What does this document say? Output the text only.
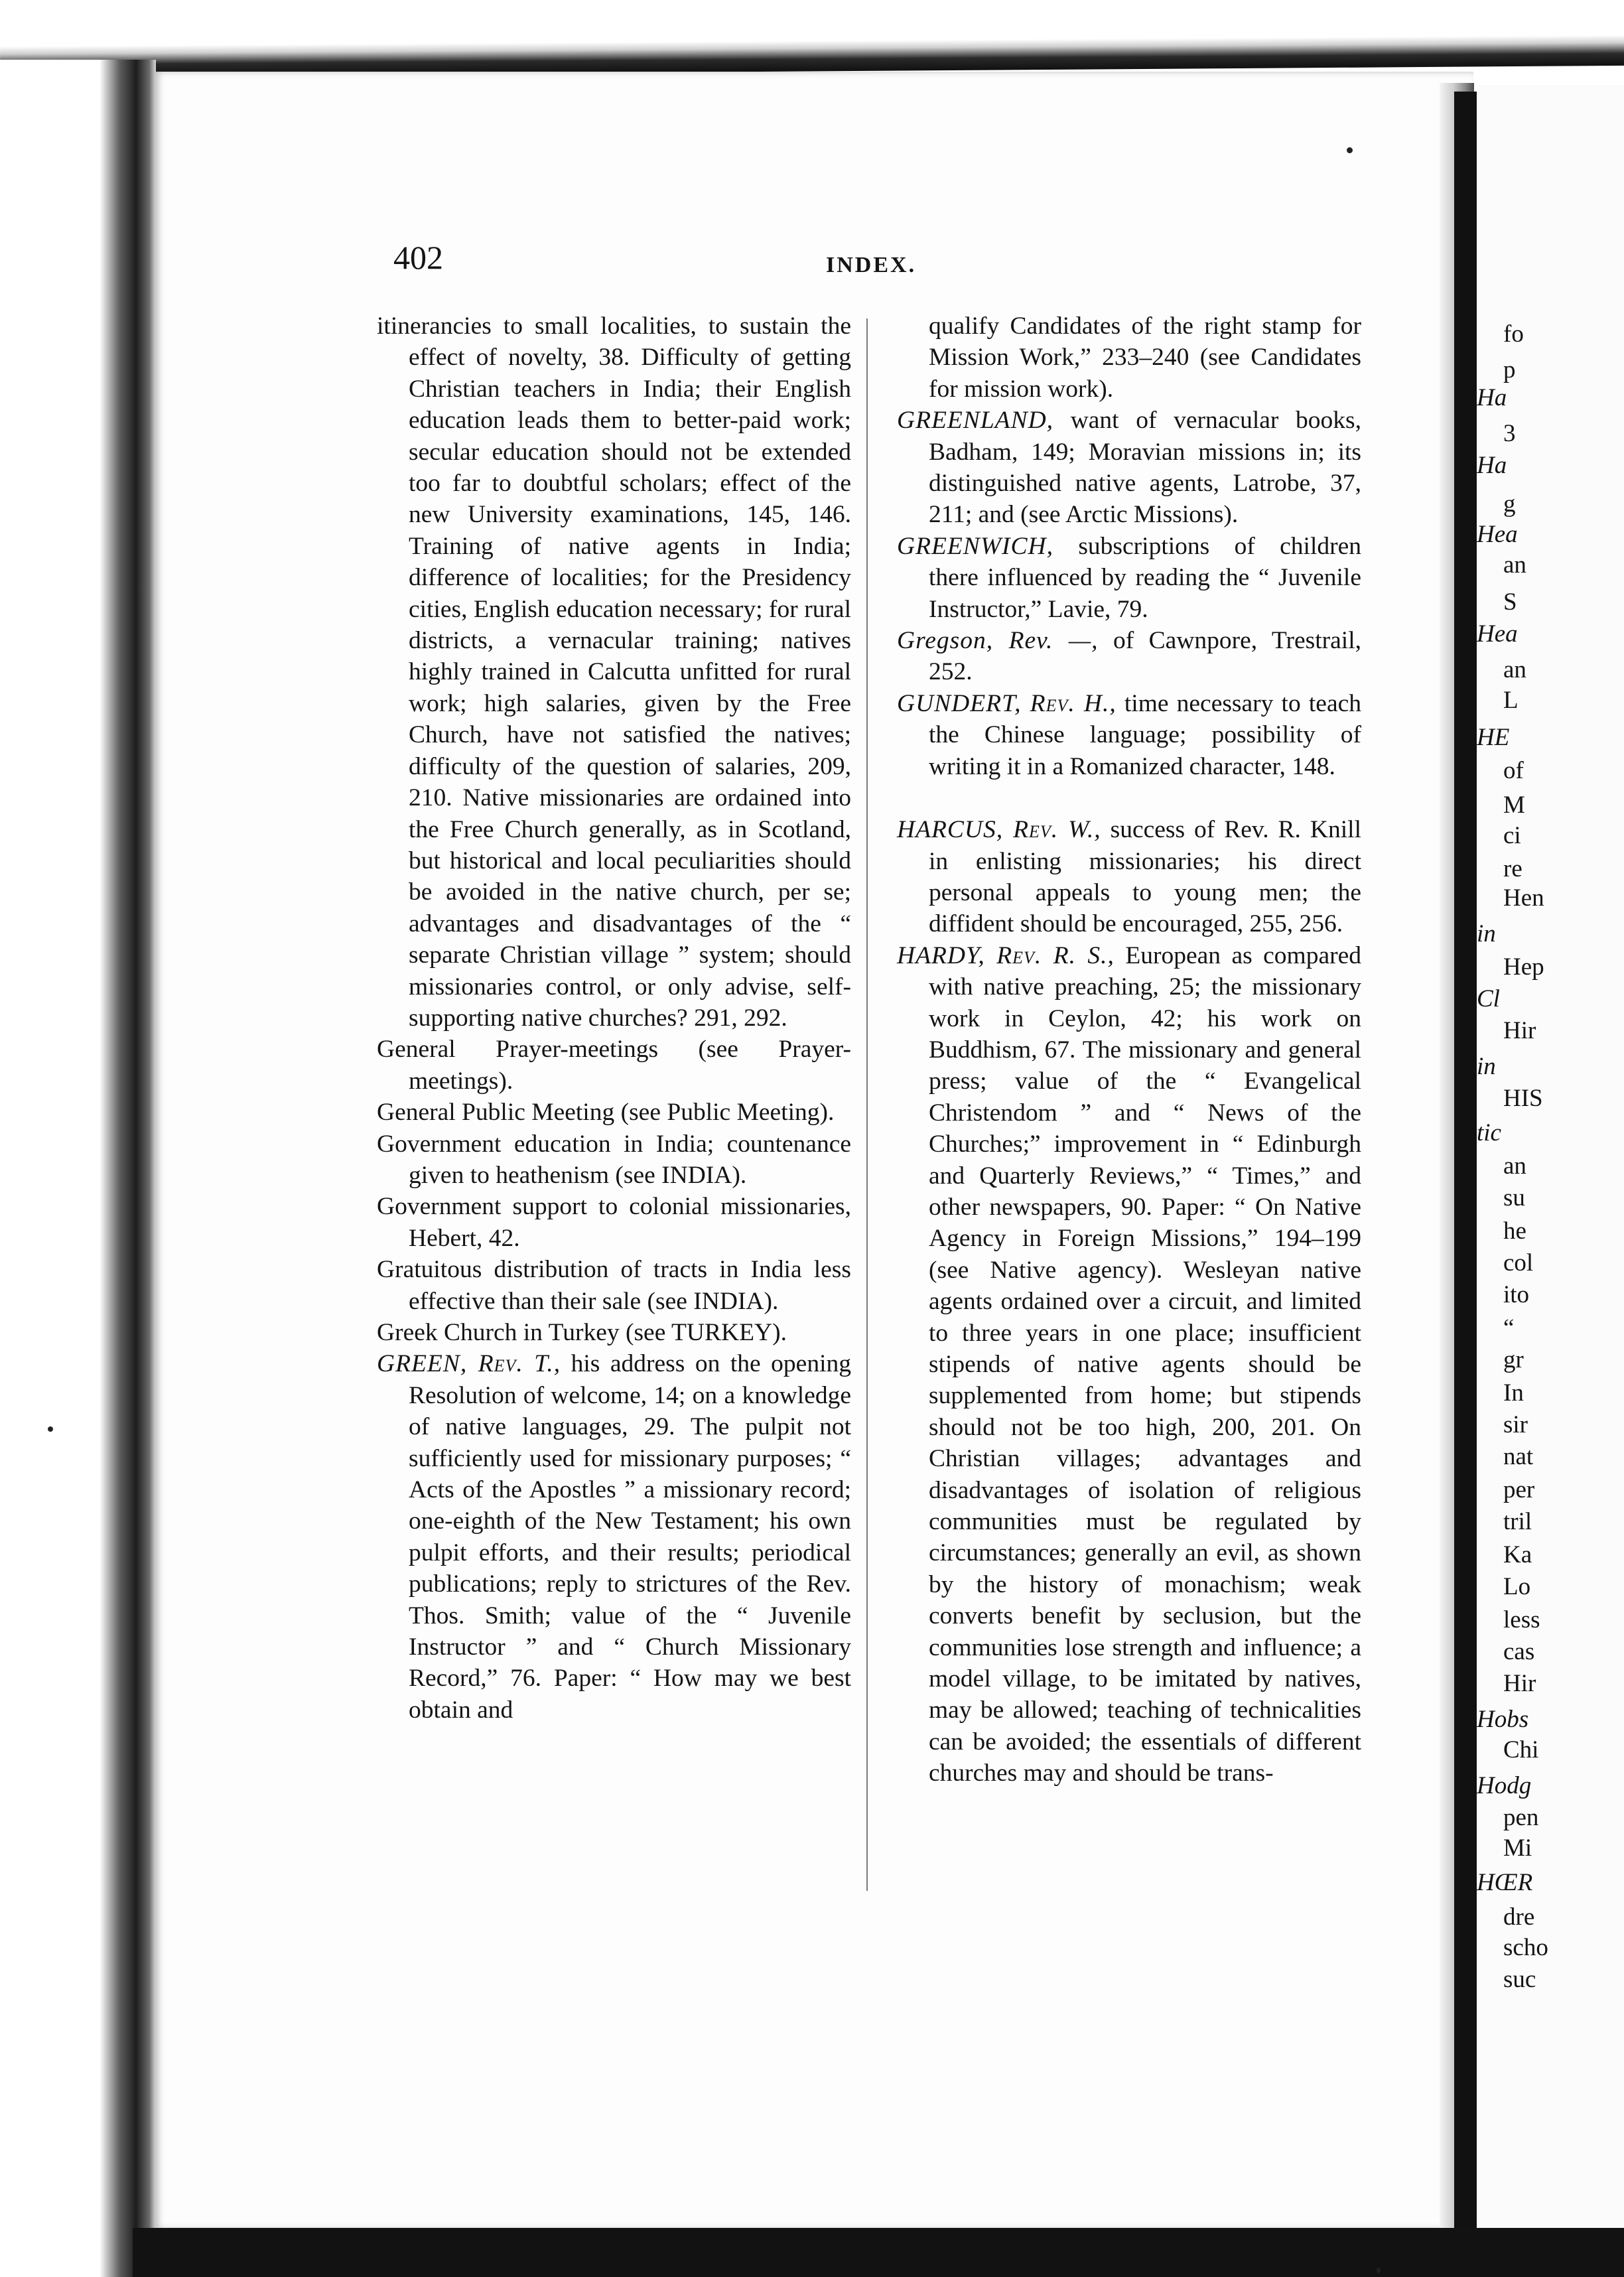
fo
p
Ha
3
Ha
g
Hea
an
S
Hea
an
L
HE
of
M
ci
re
Hen
in
Hep
Cl
Hir
in
HIS
tic
an
su
he
col
ito
“
gr
In
sir
nat
per
tril
Ka
Lo
less
cas
Hir
Hobs
Chi
Hodg
pen
Mi
HŒR
dre
scho
suc
402	INDEX.

itinerancies to small localities, to sustain the effect of novelty, 38. Difficulty of getting Christian teachers in India; their English education leads them to better-paid work; secular education should not be extended too far to doubtful scholars; effect of the new University examinations, 145, 146. Training of native agents in India; difference of localities; for the Presidency cities, English education necessary; for rural districts, a vernacular training; natives highly trained in Calcutta unfitted for rural work; high salaries, given by the Free Church, have not satisfied the natives; difficulty of the question of salaries, 209, 210. Native missionaries are ordained into the Free Church generally, as in Scotland, but historical and local peculiarities should be avoided in the native church, per se; advantages and disadvantages of the “ separate Christian village ” system; should missionaries control, or only advise, self-supporting native churches? 291, 292.

General Prayer-meetings (see Prayer-meetings).

General Public Meeting (see Public Meeting).

Government education in India; countenance given to heathenism (see INDIA).

Government support to colonial missionaries, Hebert, 42.

Gratuitous distribution of tracts in India less effective than their sale (see INDIA).

Greek Church in Turkey (see TURKEY).

GREEN, Rev. T., his address on the opening Resolution of welcome, 14; on a knowledge of native languages, 29. The pulpit not sufficiently used for missionary purposes; “ Acts of the Apostles ” a missionary record; one-eighth of the New Testament; his own pulpit efforts, and their results; periodical publications; reply to strictures of the Rev. Thos. Smith; value of the “ Juvenile Instructor ” and “ Church Missionary Record,” 76. Paper: “ How may we best obtain and

qualify Candidates of the right stamp for Mission Work,” 233–240 (see Candidates for mission work).

GREENLAND, want of vernacular books, Badham, 149; Moravian missions in; its distinguished native agents, Latrobe, 37, 211; and (see Arctic Missions).

GREENWICH, subscriptions of children there influenced by reading the “ Juvenile Instructor,” Lavie, 79.

Gregson, Rev. —, of Cawnpore, Trestrail, 252.

GUNDERT, Rev. H., time necessary to teach the Chinese language; possibility of writing it in a Romanized character, 148.

HARCUS, Rev. W., success of Rev. R. Knill in enlisting missionaries; his direct personal appeals to young men; the diffident should be encouraged, 255, 256.

HARDY, Rev. R. S., European as compared with native preaching, 25; the missionary work in Ceylon, 42; his work on Buddhism, 67. The missionary and general press; value of the “ Evangelical Christendom ” and “ News of the Churches;” improvement in “ Edinburgh and Quarterly Reviews,” “ Times,” and other newspapers, 90. Paper: “ On Native Agency in Foreign Missions,” 194–199 (see Native agency). Wesleyan native agents ordained over a circuit, and limited to three years in one place; insufficient stipends of native agents should be supplemented from home; but stipends should not be too high, 200, 201. On Christian villages; advantages and disadvantages of isolation of religious communities must be regulated by circumstances; generally an evil, as shown by the history of monachism; weak converts benefit by seclusion, but the communities lose strength and influence; a model village, to be imitated by natives, may be allowed; teaching of technicalities can be avoided; the essentials of different churches may and should be trans-
